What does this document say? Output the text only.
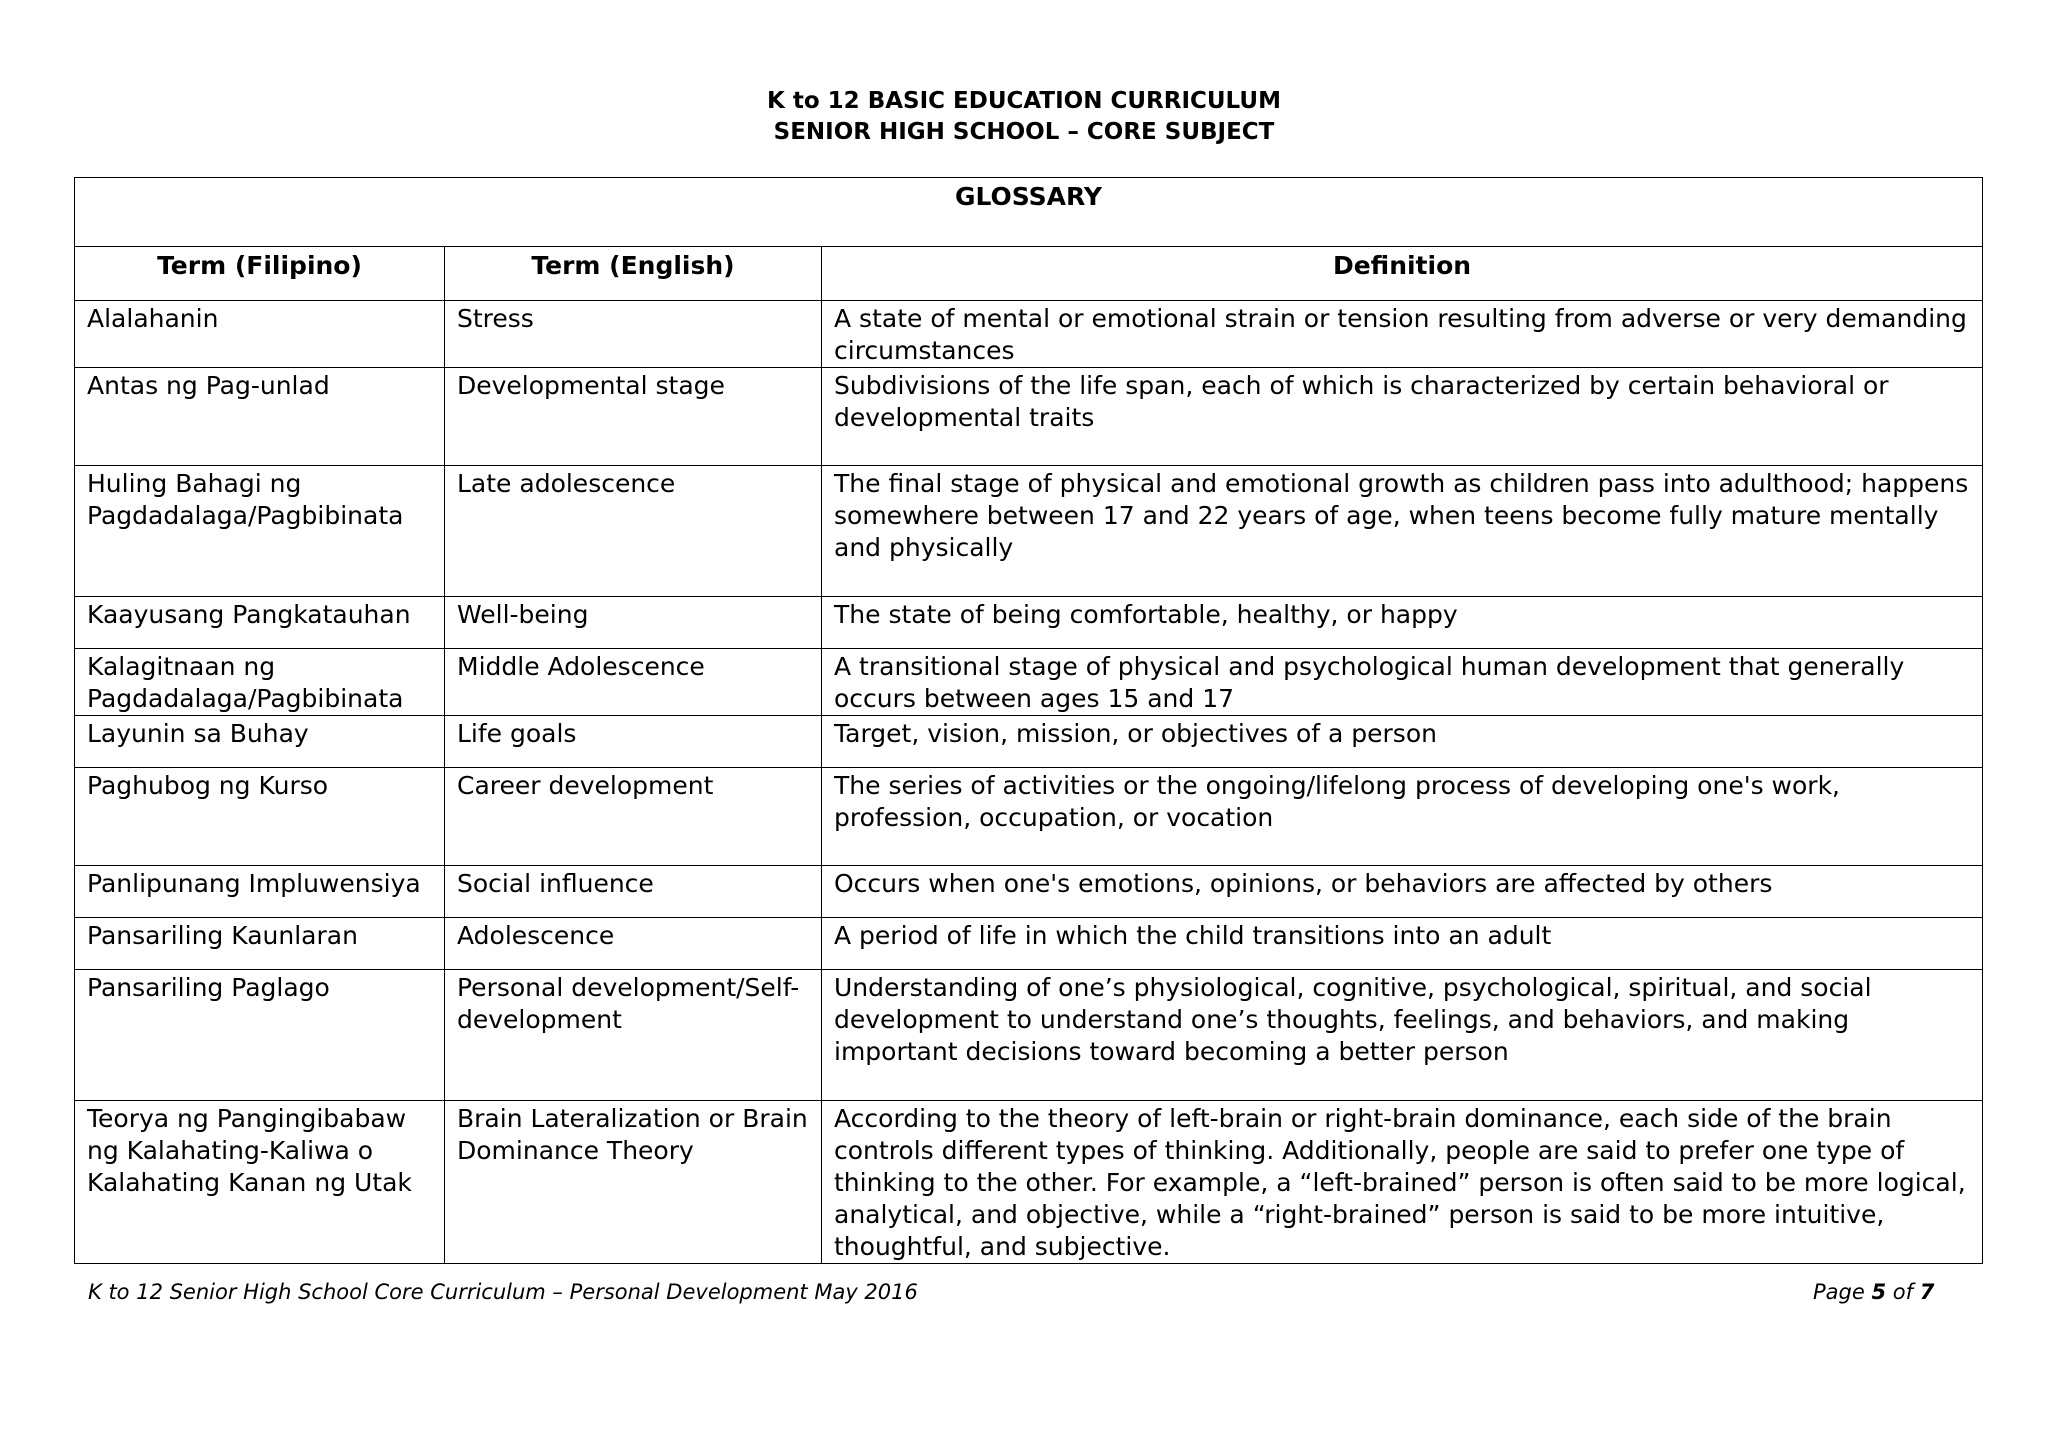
K to 12 BASIC EDUCATION CURRICULUM
SENIOR HIGH SCHOOL – CORE SUBJECT
GLOSSARY		
Term (Filipino)	Term (English)	Definition
Alalahanin	Stress	A state of mental or emotional strain or tension resulting from adverse or very demanding circumstances
Antas ng Pag-unlad	Developmental stage	Subdivisions of the life span, each of which is characterized by certain behavioral or developmental traits
Huling Bahagi ng Pagdadalaga/Pagbibinata	Late adolescence	The final stage of physical and emotional growth as children pass into adulthood; happens somewhere between 17 and 22 years of age, when teens become fully mature mentally and physically
Kaayusang Pangkatauhan	Well-being	The state of being comfortable, healthy, or happy
Kalagitnaan ng Pagdadalaga/Pagbibinata	Middle Adolescence	A transitional stage of physical and psychological human development that generally occurs between ages 15 and 17
Layunin sa Buhay	Life goals	Target, vision, mission, or objectives of a person
Paghubog ng Kurso	Career development	The series of activities or the ongoing/lifelong process of developing one's work, profession, occupation, or vocation
Panlipunang Impluwensiya	Social influence	Occurs when one's emotions, opinions, or behaviors are affected by others
Pansariling Kaunlaran	Adolescence	A period of life in which the child transitions into an adult
Pansariling Paglago	Personal development/Self-development	Understanding of one’s physiological, cognitive, psychological, spiritual, and social development to understand one’s thoughts, feelings, and behaviors, and making important decisions toward becoming a better person
Teorya ng Pangingibabaw ng Kalahating-Kaliwa o Kalahating Kanan ng Utak	Brain Lateralization or Brain Dominance Theory	According to the theory of left-brain or right-brain dominance, each side of the brain controls different types of thinking. Additionally, people are said to prefer one type of thinking to the other. For example, a “left-brained” person is often said to be more logical, analytical, and objective, while a “right-brained” person is said to be more intuitive, thoughtful, and subjective.
K to 12 Senior High School Core Curriculum – Personal Development May 2016	Page 5 of 7
